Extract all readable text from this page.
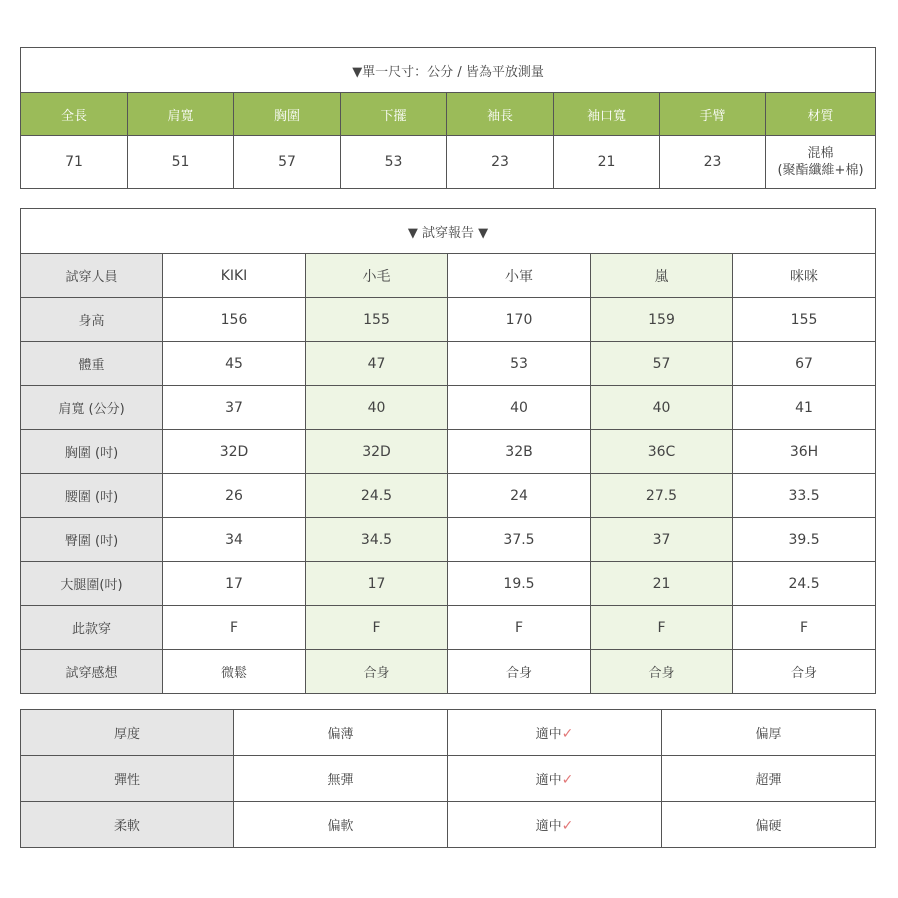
▼單一尺寸：公分 / 皆為平放測量							
全長	肩寬	胸圍	下擺	袖長	袖口寬	手臂	材質
71	51	57	53	23	21	23	混棉
(聚酯纖維+棉)
▼ 試穿報告 ▼					
試穿人員	KIKI	小毛	小軍	嵐	咪咪
身高	156	155	170	159	155
體重	45	47	53	57	67
肩寬 (公分)	37	40	40	40	41
胸圍 (吋)	32D	32D	32B	36C	36H
腰圍 (吋)	26	24.5	24	27.5	33.5
臀圍 (吋)	34	34.5	37.5	37	39.5
大腿圍(吋)	17	17	19.5	21	24.5
此款穿	F	F	F	F	F
試穿感想	微鬆	合身	合身	合身	合身
厚度	偏薄	適中✓	偏厚
彈性	無彈	適中✓	超彈
柔軟	偏軟	適中✓	偏硬
